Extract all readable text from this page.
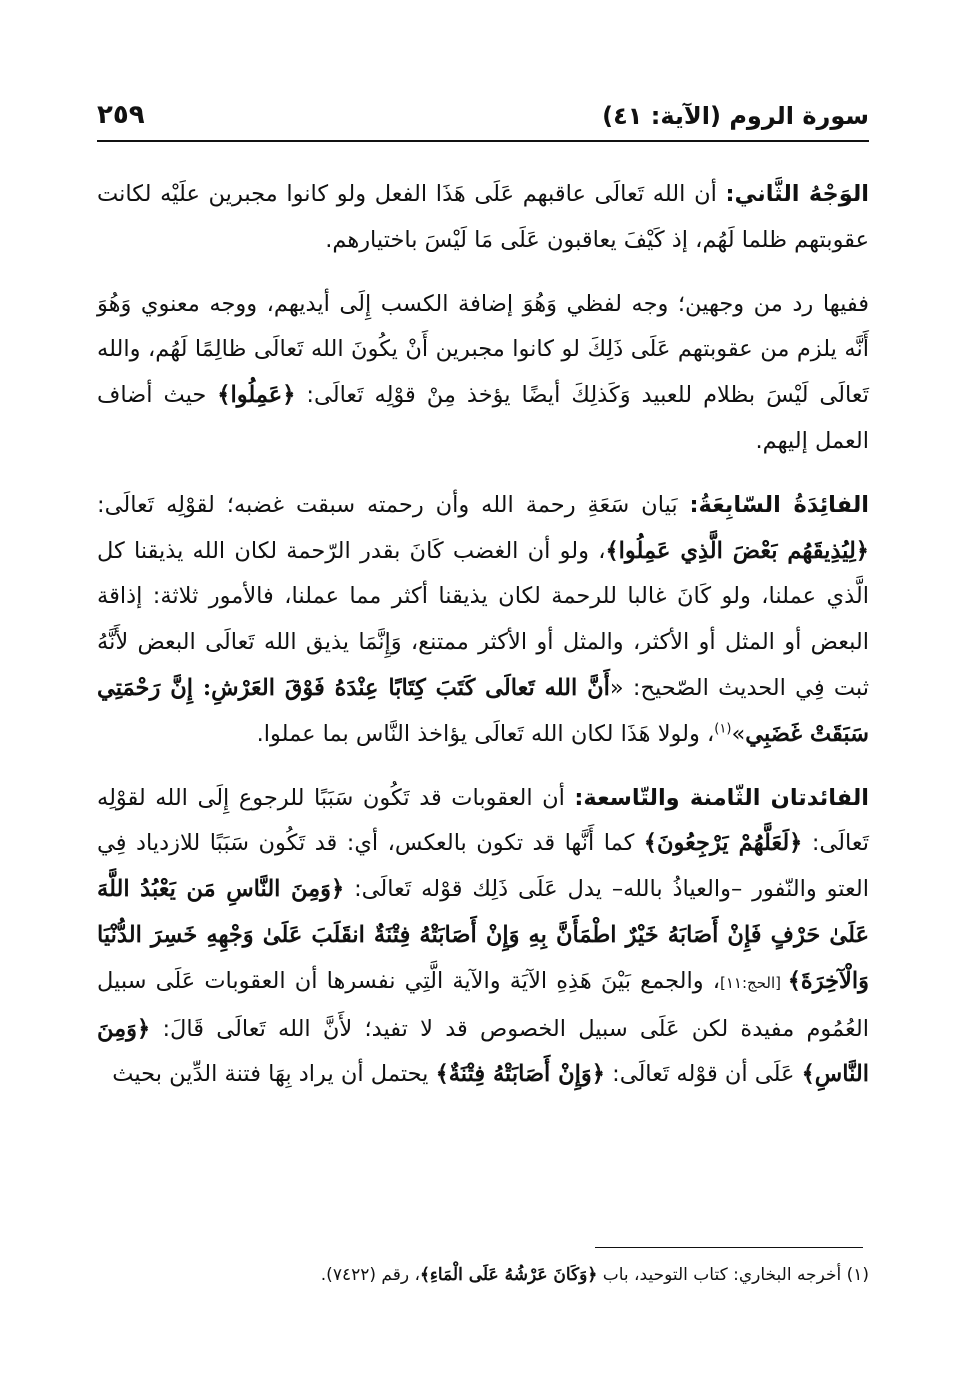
سورة الروم (الآية: ٤١)
٢٥٩

الوَجْهُ الثَّاني: أن الله تَعالَى عاقبهم عَلَى هَذَا الفعل ولو كانوا مجبرين علَيْه لكانت عقوبتهم ظلما لَهُم، إذ كَيْفَ يعاقبون عَلَى مَا لَيْسَ باختيارهم.

ففيها رد من وجهين؛ وجه لفظي وَهُوَ إضافة الكسب إِلَى أيديهم، ووجه معنوي وَهُوَ أَنَّه يلزم من عقوبتهم عَلَى ذَلِكَ لو كانوا مجبرين أَنْ يكُونَ الله تَعالَى ظالِمًا لَهُم، والله تَعالَى لَيْسَ بظلام للعبيد وَكَذلِكَ أيضًا يؤخذ مِنْ قوْلِه تَعالَى: ﴿عَمِلُوا﴾ حيث أضاف العمل إليهم.

الفائِدَةُ السّابِعَةُ: بَيان سَعَةِ رحمة الله وأن رحمته سبقت غضبه؛ لقوْلِه تَعالَى: ﴿لِيُذِيقَهُم بَعْضَ الَّذِي عَمِلُوا﴾، ولو أن الغضب كَانَ بقدر الرّحمة لكان الله يذيقنا كل الَّذي عملنا، ولو كَانَ غالبا للرحمة لكان يذيقنا أكثر مما عملنا، فالأمور ثلاثة: إذاقة البعض أو المثل أو الأكثر، والمثل أو الأكثر ممتنع، وَإِنَّمَا يذيق الله تَعالَى البعض لأَنَّهُ ثبت فِي الحديث الصّحيح: «أَنَّ الله تَعالَى كَتَبَ كِتَابًا عِنْدَهُ فَوْقَ العَرْشِ: إِنَّ رَحْمَتِي سَبَقَتْ غَضَبِي»$^{(١)}$، ولولا هَذَا لكان الله تَعالَى يؤاخذ النَّاس بما عملوا.

الفائدتان الثّامنة والتّاسعة: أن العقوبات قد تَكُون سَبَبًا للرجوع إِلَى الله لقوْلِه تَعالَى: ﴿لَعَلَّهُمْ يَرْجِعُونَ﴾ كما أَنَّها قد تكون بالعكس، أي: قد تَكُون سَبَبًا للازدياد فِي العتو والنّفور –والعياذُ بالله– يدل عَلَى ذَلِك قوْله تَعالَى: ﴿وَمِنَ النَّاسِ مَن يَعْبُدُ اللَّهَ عَلَىٰ حَرْفٍ فَإِنْ أَصَابَهُ خَيْرٌ اطْمَأَنَّ بِهِ وَإِنْ أَصَابَتْهُ فِتْنَةٌ انقَلَبَ عَلَىٰ وَجْهِهِ خَسِرَ الدُّنْيَا وَالْآخِرَةَ﴾ [الحج:١١]، والجمع بَيْنَ هَذِهِ الآيَة والآية الَّتِي نفسرها أن العقوبات عَلَى سبيل العُمُوم مفيدة لكن عَلَى سبيل الخصوص قد لا تفيد؛ لأَنَّ الله تَعالَى قَالَ: ﴿وَمِنَ النَّاسِ﴾ عَلَى أن قوْله تَعالَى: ﴿وَإِنْ أَصَابَتْهُ فِتْنَةٌ﴾ يحتمل أن يراد بِهَا فتنة الدِّين بحيث

(١) أخرجه البخاري: كتاب التوحيد، باب ﴿وَكَانَ عَرْشُهُ عَلَى الْمَاءِ﴾، رقم (٧٤٢٢).
